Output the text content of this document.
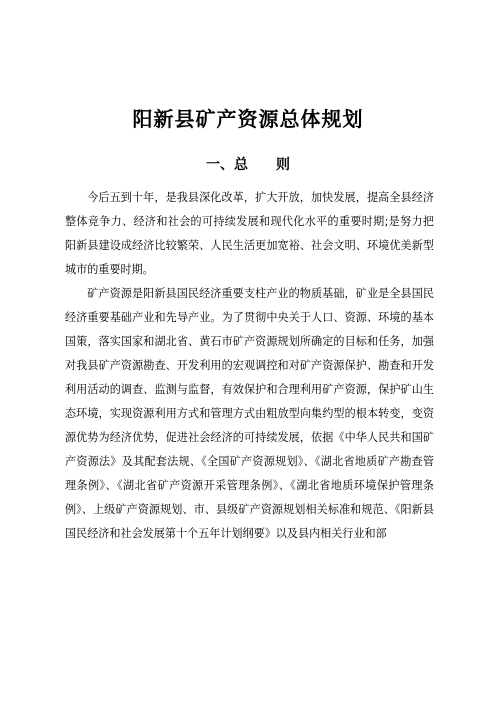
阳新县矿产资源总体规划
一、总　　则

今后五到十年，是我县深化改革，扩大开放，加快发展，提高全县经济整体竞争力、经济和社会的可持续发展和现代化水平的重要时期;是努力把阳新县建设成经济比较繁荣、人民生活更加宽裕、社会文明、环境优美新型城市的重要时期。

矿产资源是阳新县国民经济重要支柱产业的物质基础，矿业是全县国民经济重要基础产业和先导产业。为了贯彻中央关于人口、资源、环境的基本国策，落实国家和湖北省、黄石市矿产资源规划所确定的目标和任务，加强对我县矿产资源勘查、开发利用的宏观调控和对矿产资源保护、勘查和开发利用活动的调查、监测与监督，有效保护和合理利用矿产资源，保护矿山生态环境，实现资源利用方式和管理方式由粗放型向集约型的根本转变，变资源优势为经济优势，促进社会经济的可持续发展，依据《中华人民共和国矿产资源法》及其配套法规、《全国矿产资源规划》、《湖北省地质矿产勘查管理条例》、《湖北省矿产资源开采管理条例》、《湖北省地质环境保护管理条例》、上级矿产资源规划、市、县级矿产资源规划相关标准和规范、《阳新县国民经济和社会发展第十个五年计划纲要》以及县内相关行业和部
